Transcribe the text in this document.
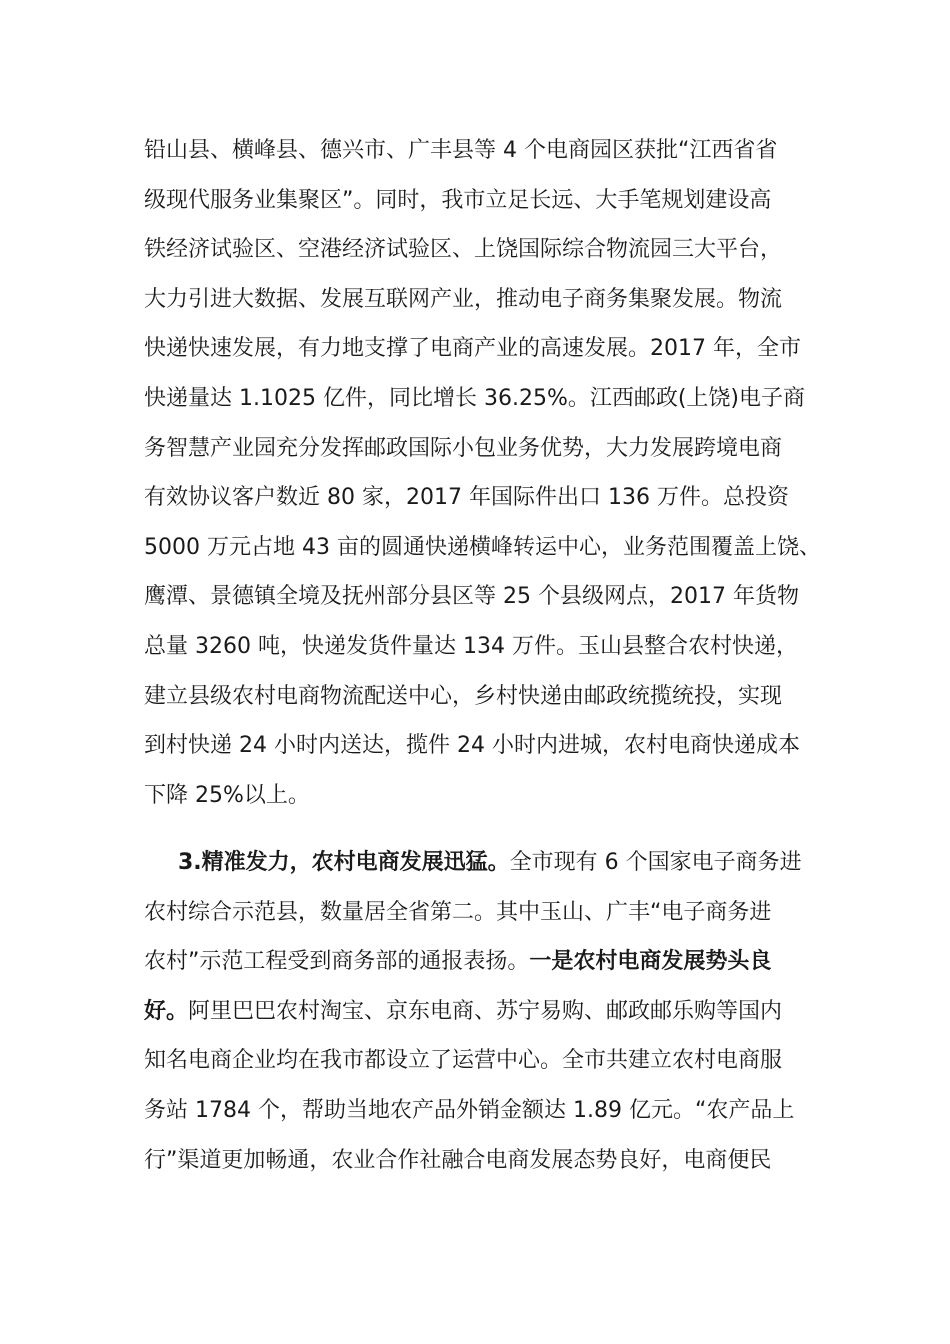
铅山县、横峰县、德兴市、广丰县等 4 个电商园区获批“江西省省
级现代服务业集聚区”。同时，我市立足长远、大手笔规划建设高
铁经济试验区、空港经济试验区、上饶国际综合物流园三大平台，
大力引进大数据、发展互联网产业，推动电子商务集聚发展。物流
快递快速发展，有力地支撑了电商产业的高速发展。2017 年，全市
快递量达 1.1025 亿件，同比增长 36.25%。江西邮政(上饶)电子商
务智慧产业园充分发挥邮政国际小包业务优势，大力发展跨境电商
有效协议客户数近 80 家，2017 年国际件出口 136 万件。总投资
5000 万元占地 43 亩的圆通快递横峰转运中心，业务范围覆盖上饶、
鹰潭、景德镇全境及抚州部分县区等 25 个县级网点，2017 年货物
总量 3260 吨，快递发货件量达 134 万件。玉山县整合农村快递，
建立县级农村电商物流配送中心，乡村快递由邮政统揽统投，实现
到村快递 24 小时内送达，揽件 24 小时内进城，农村电商快递成本
下降 25%以上。
3.精准发力，农村电商发展迅猛。全市现有 6 个国家电子商务进
农村综合示范县，数量居全省第二。其中玉山、广丰“电子商务进
农村”示范工程受到商务部的通报表扬。一是农村电商发展势头良
好。阿里巴巴农村淘宝、京东电商、苏宁易购、邮政邮乐购等国内
知名电商企业均在我市都设立了运营中心。全市共建立农村电商服
务站 1784 个，帮助当地农产品外销金额达 1.89 亿元。“农产品上
行”渠道更加畅通，农业合作社融合电商发展态势良好，电商便民
